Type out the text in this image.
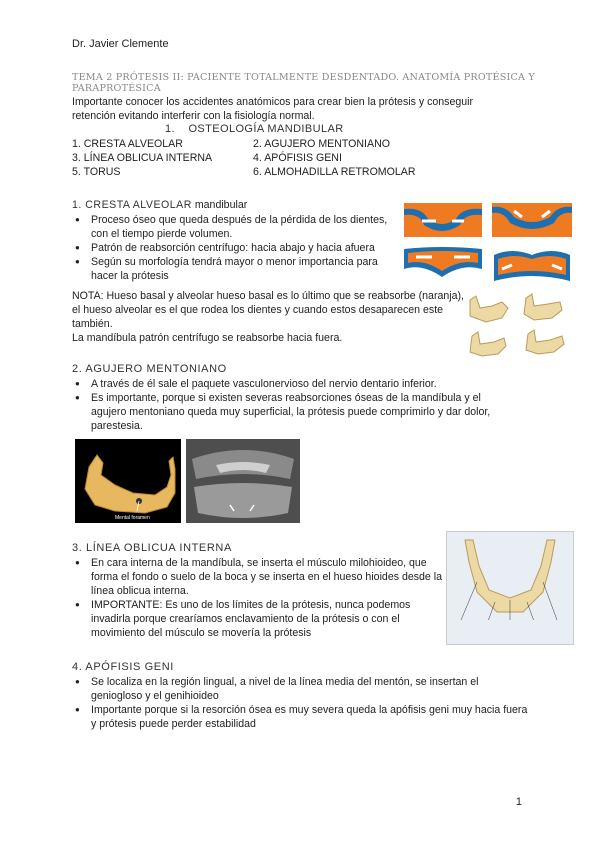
Dr. Javier Clemente
TEMA 2 PRÓTESIS II: PACIENTE TOTALMENTE DESDENTADO. ANATOMÍA PROTÉSICA Y PARAPROTÉSICA
Importante conocer los accidentes anatómicos para crear bien la prótesis y conseguir retención evitando interferir con la fisiología normal.
1. OSTEOLOGÍA MANDIBULAR
1. CRESTA ALVEOLAR	2. AGUJERO MENTONIANO
3. LÍNEA OBLICUA INTERNA	4. APÓFISIS GENI
5. TORUS	6. ALMOHADILLA RETROMOLAR
1. CRESTA ALVEOLAR mandibular
● Proceso óseo que queda después de la pérdida de los dientes, con el tiempo pierde volumen.
● Patrón de reabsorción centrífugo: hacia abajo y hacia afuera
● Según su morfología tendrá mayor o menor importancia para hacer la prótesis
NOTA: Hueso basal y alveolar hueso basal es lo último que se reabsorbe (naranja), el hueso alveolar es el que rodea los dientes y cuando estos desaparecen este también.
La mandíbula patrón centrífugo se reabsorbe hacia fuera.
2. AGUJERO MENTONIANO
● A través de él sale el paquete vasculonervioso del nervio dentario inferior.
● Es importante, porque si existen severas reabsorciones óseas de la mandíbula y el agujero mentoniano queda muy superficial, la prótesis puede comprimirlo y dar dolor, parestesia.
Mental foramen
3. LÍNEA OBLICUA INTERNA
● En cara interna de la mandíbula, se inserta el músculo milohioideo, que forma el fondo o suelo de la boca y se inserta en el hueso hioides desde la línea oblicua interna.
● IMPORTANTE: Es uno de los límites de la prótesis, nunca podemos invadirla porque crearíamos enclavamiento de la prótesis o con el movimiento del músculo se movería la prótesis
4. APÓFISIS GENI
● Se localiza en la región lingual, a nivel de la línea media del mentón, se insertan el geniogloso y el genihioideo
● Importante porque si la resorción ósea es muy severa queda la apófisis geni muy hacia fuera y prótesis puede perder estabilidad
1
